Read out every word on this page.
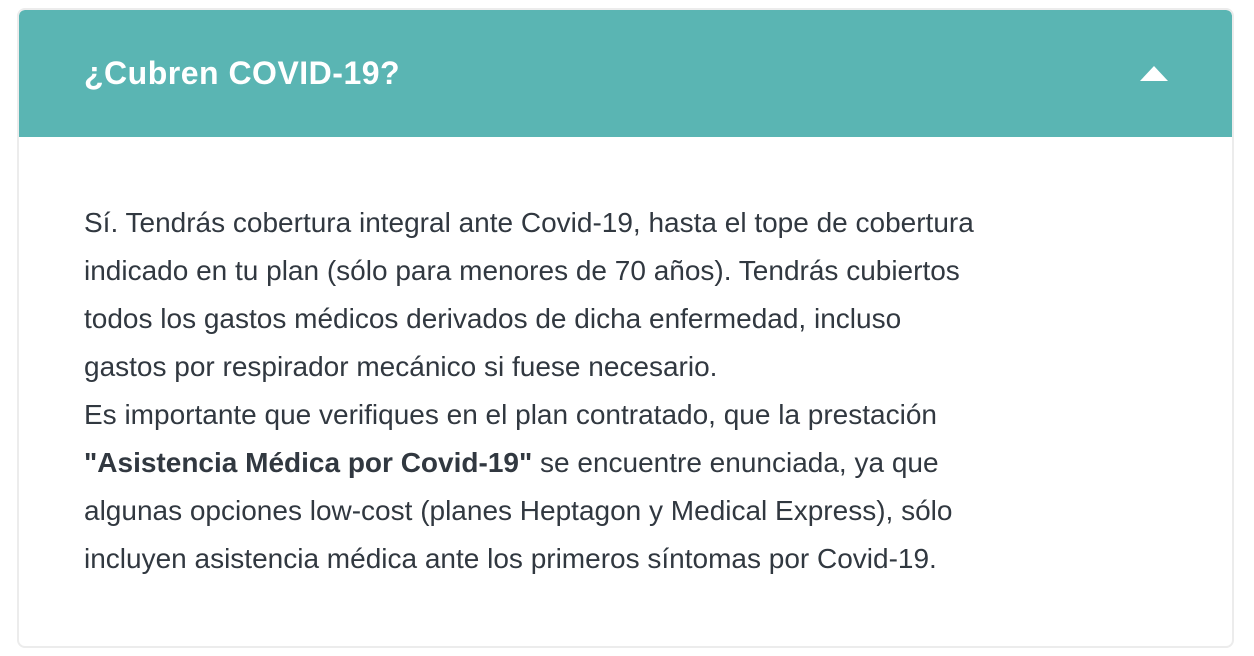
¿Cubren COVID-19?
Sí. Tendrás cobertura integral ante Covid-19, hasta el tope de cobertura
indicado en tu plan (sólo para menores de 70 años). Tendrás cubiertos
todos los gastos médicos derivados de dicha enfermedad, incluso
gastos por respirador mecánico si fuese necesario.
Es importante que verifiques en el plan contratado, que la prestación
"Asistencia Médica por Covid-19" se encuentre enunciada, ya que
algunas opciones low-cost (planes Heptagon y Medical Express), sólo
incluyen asistencia médica ante los primeros síntomas por Covid-19.
